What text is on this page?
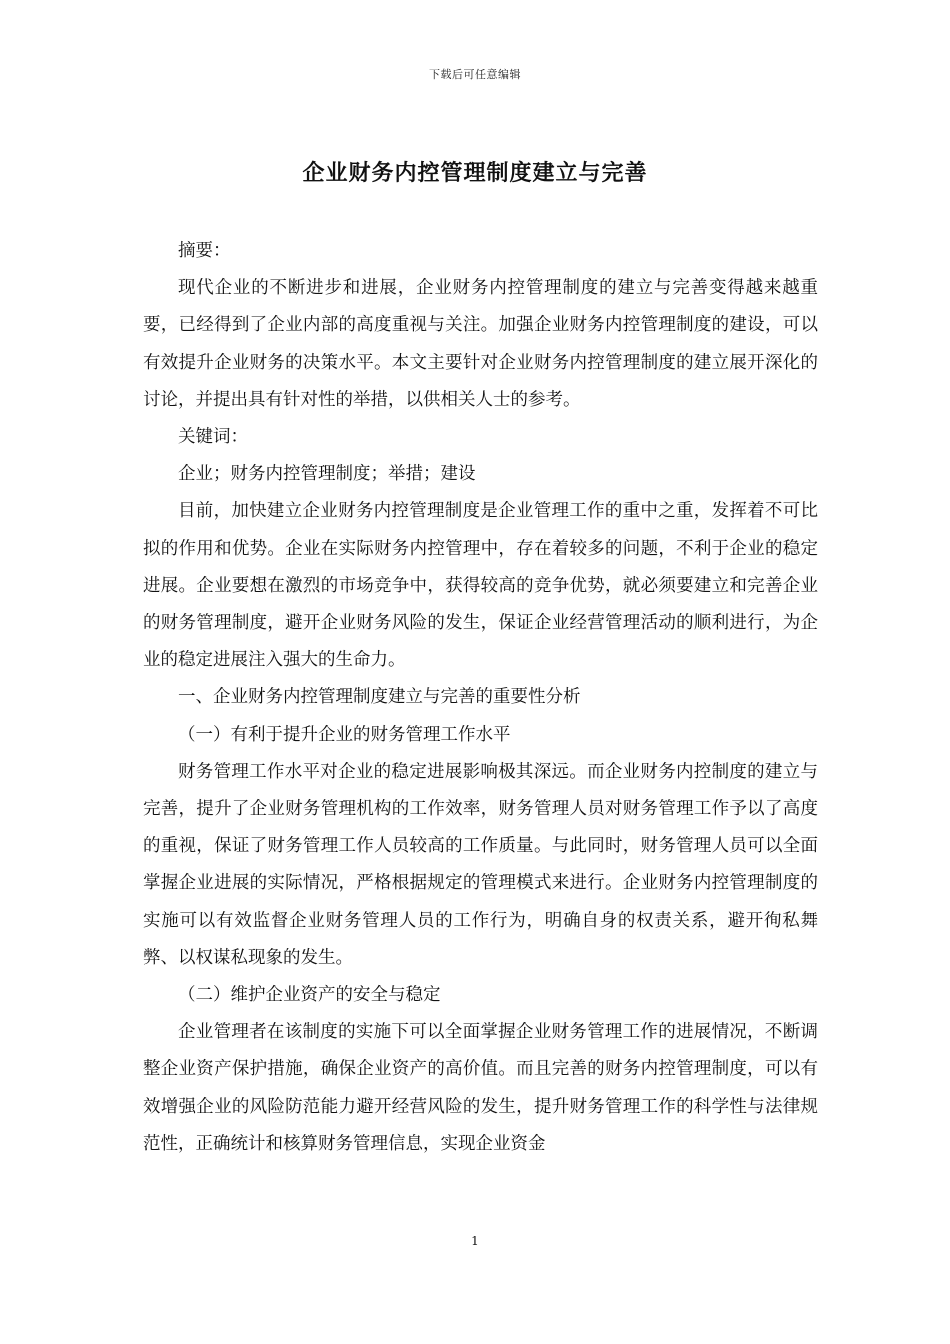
下载后可任意编辑
企业财务内控管理制度建立与完善

摘要：

现代企业的不断进步和进展，企业财务内控管理制度的建立与完善变得越来越重要，已经得到了企业内部的高度重视与关注。加强企业财务内控管理制度的建设，可以有效提升企业财务的决策水平。本文主要针对企业财务内控管理制度的建立展开深化的讨论，并提出具有针对性的举措，以供相关人士的参考。

关键词：

企业；财务内控管理制度；举措；建设

目前，加快建立企业财务内控管理制度是企业管理工作的重中之重，发挥着不可比拟的作用和优势。企业在实际财务内控管理中，存在着较多的问题，不利于企业的稳定进展。企业要想在激烈的市场竞争中，获得较高的竞争优势，就必须要建立和完善企业的财务管理制度，避开企业财务风险的发生，保证企业经营管理活动的顺利进行，为企业的稳定进展注入强大的生命力。

一、企业财务内控管理制度建立与完善的重要性分析

（一）有利于提升企业的财务管理工作水平

财务管理工作水平对企业的稳定进展影响极其深远。而企业财务内控制度的建立与完善，提升了企业财务管理机构的工作效率，财务管理人员对财务管理工作予以了高度的重视，保证了财务管理工作人员较高的工作质量。与此同时，财务管理人员可以全面掌握企业进展的实际情况，严格根据规定的管理模式来进行。企业财务内控管理制度的实施可以有效监督企业财务管理人员的工作行为，明确自身的权责关系，避开徇私舞弊、以权谋私现象的发生。

（二）维护企业资产的安全与稳定

企业管理者在该制度的实施下可以全面掌握企业财务管理工作的进展情况，不断调整企业资产保护措施，确保企业资产的高价值。而且完善的财务内控管理制度，可以有效增强企业的风险防范能力避开经营风险的发生，提升财务管理工作的科学性与法律规范性，正确统计和核算财务管理信息，实现企业资金

1
